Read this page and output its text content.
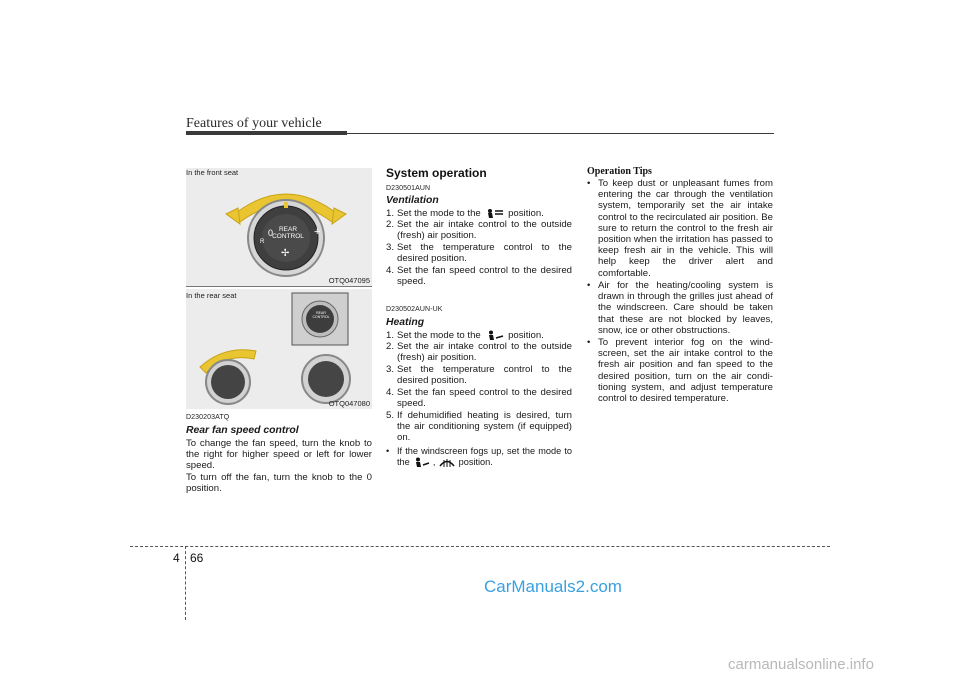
Features of your vehicle
In the front seat
0
R
REAR CONTROL +
✢
OTQ047095
In the rear seat
REAR CONTROL
OTQ047080
D230203ATQ
Rear fan speed control
To change the fan speed, turn the knob to the right for higher speed or left for lower speed.
To turn off the fan, turn the knob to the 0 position.
System operation
D230501AUN
Ventilation
1. Set the mode to the	position.
2. Set the air intake control to the outside (fresh) air position.
3. Set the temperature control to the desired position.
4. Set the fan speed control to the desired speed.
D230502AUN-UK
Heating
1. Set the mode to the	position.
2. Set the air intake control to the outside (fresh) air position.
3. Set the temperature control to the desired position.
4. Set the fan speed control to the desired speed.
5. If dehumidified heating is desired, turn the air conditioning system (if equipped) on.
• If the windscreen fogs up, set the mode to the	,	position.
Operation Tips
• To keep dust or unpleasant fumes from entering the car through the ventilation system, temporarily set the air intake control to the recirculated air position. Be sure to return the control to the fresh air position when the irritation has passed to keep fresh air in the vehicle. This will help keep the driver alert and comfortable.
• Air for the heating/cooling system is drawn in through the grilles just ahead of the windscreen. Care should be taken that these are not blocked by leaves, snow, ice or other obstructions.
• To prevent interior fog on the wind-screen, set the air intake control to the fresh air position and fan speed to the desired position, turn on the air condi-tioning system, and adjust temperature control to desired temperature.
4 66
CarManuals2.com
carmanualsonline.info
